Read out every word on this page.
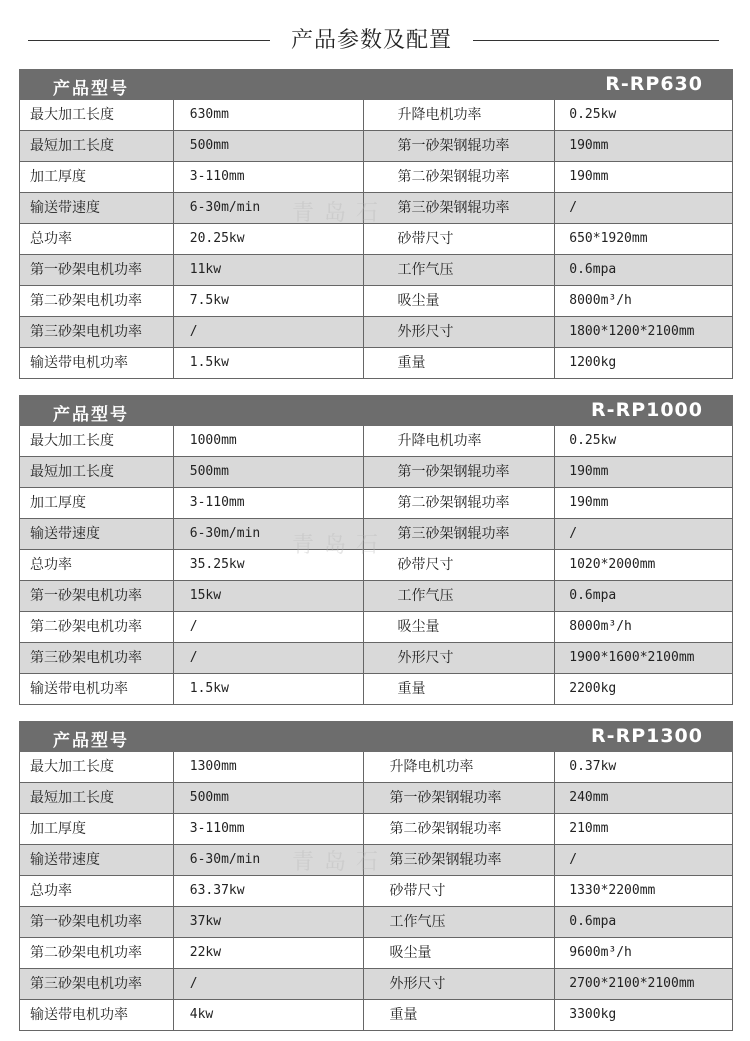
产品参数及配置
产品型号	R-RP630
最大加工长度	630mm	升降电机功率	0.25kw
最短加工长度	500mm	第一砂架钢辊功率	190mm
加工厚度	3-110mm	第二砂架钢辊功率	190mm
输送带速度	6-30m/min	第三砂架钢辊功率	/
总功率	20.25kw	砂带尺寸	650*1920mm
第一砂架电机功率	11kw	工作气压	0.6mpa
第二砂架电机功率	7.5kw	吸尘量	8000m³/h
第三砂架电机功率	/	外形尺寸	1800*1200*2100mm
输送带电机功率	1.5kw	重量	1200kg
产品型号	R-RP1000
最大加工长度	1000mm	升降电机功率	0.25kw
最短加工长度	500mm	第一砂架钢辊功率	190mm
加工厚度	3-110mm	第二砂架钢辊功率	190mm
输送带速度	6-30m/min	第三砂架钢辊功率	/
总功率	35.25kw	砂带尺寸	1020*2000mm
第一砂架电机功率	15kw	工作气压	0.6mpa
第二砂架电机功率	/	吸尘量	8000m³/h
第三砂架电机功率	/	外形尺寸	1900*1600*2100mm
输送带电机功率	1.5kw	重量	2200kg
产品型号	R-RP1300
最大加工长度	1300mm	升降电机功率	0.37kw
最短加工长度	500mm	第一砂架钢辊功率	240mm
加工厚度	3-110mm	第二砂架钢辊功率	210mm
输送带速度	6-30m/min	第三砂架钢辊功率	/
总功率	63.37kw	砂带尺寸	1330*2200mm
第一砂架电机功率	37kw	工作气压	0.6mpa
第二砂架电机功率	22kw	吸尘量	9600m³/h
第三砂架电机功率	/	外形尺寸	2700*2100*2100mm
输送带电机功率	4kw	重量	3300kg
青岛石
青岛石
青岛石
